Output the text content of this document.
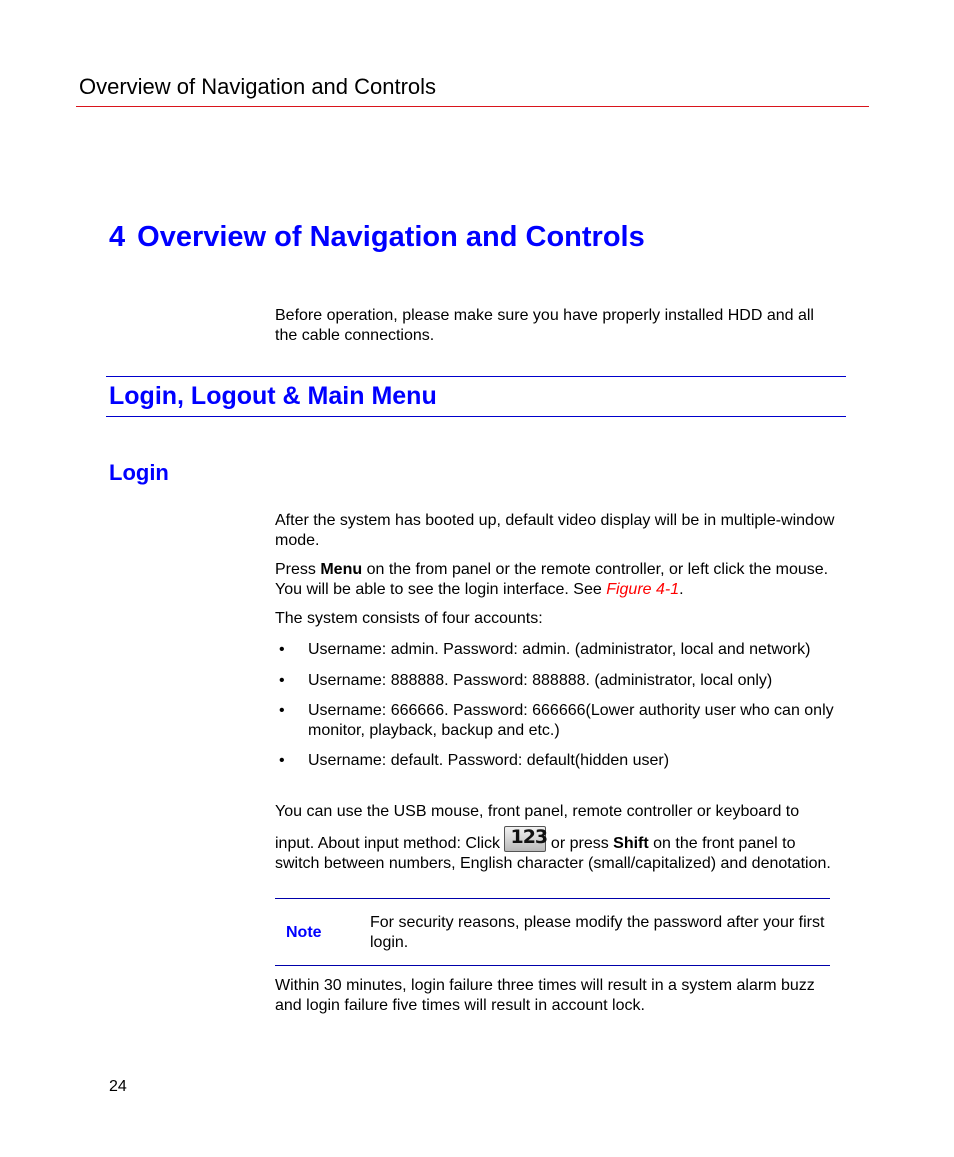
Overview of Navigation and Controls
4 Overview of Navigation and Controls

Before operation, please make sure you have properly installed HDD and all the cable connections.

Login, Logout & Main Menu
Login

After the system has booted up, default video display will be in multiple-window mode.

Press Menu on the from panel or the remote controller, or left click the mouse. You will be able to see the login interface. See Figure 4-1.

The system consists of four accounts:

• Username: admin. Password: admin. (administrator, local and network)
• Username: 888888. Password: 888888. (administrator, local only)
• Username: 666666. Password: 666666(Lower authority user who can only monitor, playback, backup and etc.)
• Username: default. Password: default(hidden user)

You can use the USB mouse, front panel, remote controller or keyboard to

input. About input method: Click 123 or press Shift on the front panel to switch between numbers, English character (small/capitalized) and denotation.

Note
For security reasons, please modify the password after your first login.

Within 30 minutes, login failure three times will result in a system alarm buzz and login failure five times will result in account lock.

24
